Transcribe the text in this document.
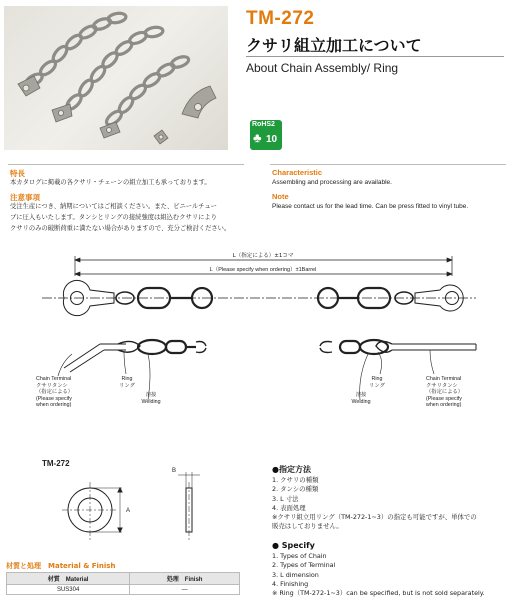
TM-272
クサリ組立加工について
About Chain Assembly/ Ring
RoHS2
♣ 10
特長
本カタログに掲載の各クサリ・チェーンの組立加工も承っております。
Characteristic
Assembling and processing are available.
注意事項
受注生産につき、納期についてはご相談ください。また、ビニールチュー
ブに圧入もいたします。タンシとリングの接続強度は組込むクサリにより
クサリのみの破断荷重に満たない場合がありますので、充分ご検討ください。
Note
Please contact us for the lead time. Can be press fitted to vinyl tube.
L（指定による）±1コマ
L（Please specify when ordering）±1Barrel
Chain Terminal
クサリタンシ
（指定による）
(Please specify
when ordering)
Ring
リング
溶接
Welding
Ring
リング
溶接
Welding
Chain Terminal
クサリタンシ
（指定による）
(Please specify
when ordering)
TM-272
A
B	●指定方法
1. クサリの種類
2. タンシの種類
3. L 寸法
4. 表面処理
※クサリ組立用リング（TM-272-1~3）の指定も可能ですが、単体での
販売はしておりません。
● Specify
1. Types of Chain
2. Types of Terminal
3. L dimension
4. Finishing
※ Ring（TM-272-1~3）can be specified, but is not sold separately.
材質と処理　Material & Finish
材質　Material	処理　Finish
SUS304	—
